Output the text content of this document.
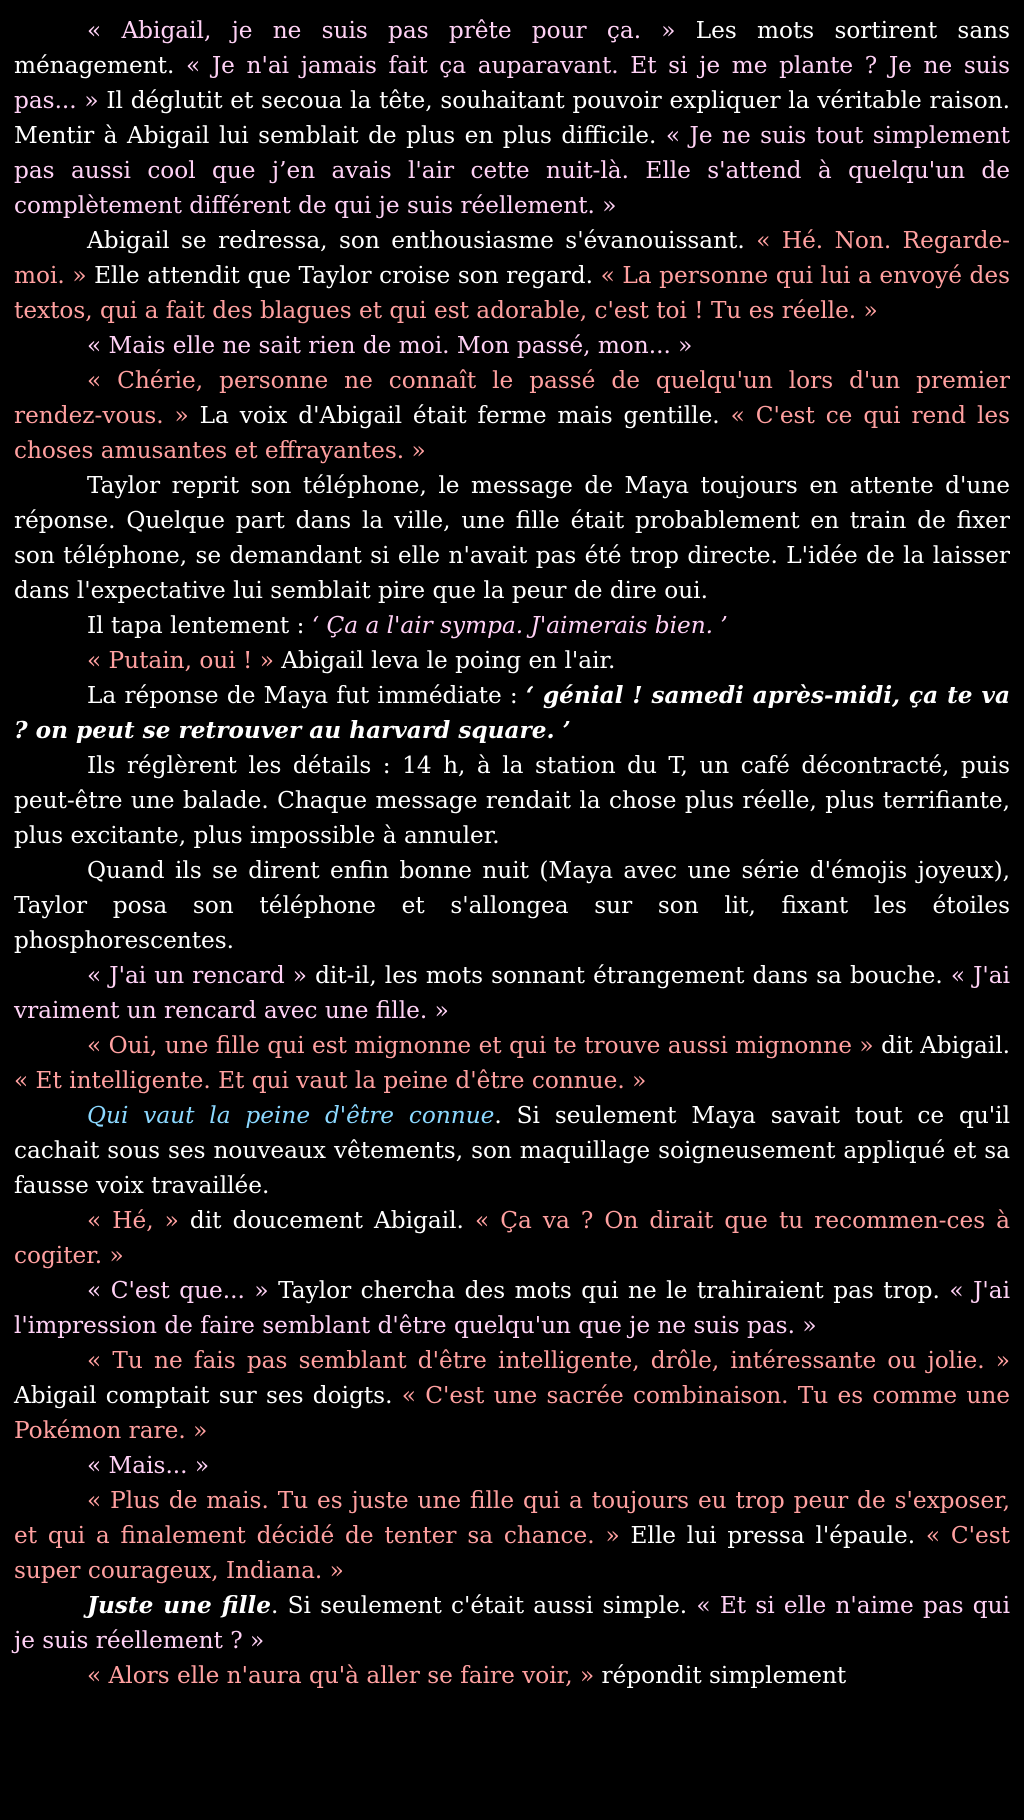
« Abigail, je ne suis pas prête pour ça. » Les mots sortirent sans ménagement. « Je n'ai jamais fait ça auparavant. Et si je me plante ? Je ne suis pas... » Il déglutit et secoua la tête, souhaitant pouvoir expliquer la véritable raison. Mentir à Abigail lui semblait de plus en plus difficile. « Je ne suis tout simplement pas aussi cool que j’en avais l'air cette nuit-là. Elle s'attend à quelqu'un de complètement différent de qui je suis réellement. »

Abigail se redressa, son enthousiasme s'évanouissant. « Hé. Non. Regarde-moi. » Elle attendit que Taylor croise son regard. « La personne qui lui a envoyé des textos, qui a fait des blagues et qui est adorable, c'est toi ! Tu es réelle. »

« Mais elle ne sait rien de moi. Mon passé, mon... »

« Chérie, personne ne connaît le passé de quelqu'un lors d'un premier rendez-vous. » La voix d'Abigail était ferme mais gentille. « C'est ce qui rend les choses amusantes et effrayantes. »

Taylor reprit son téléphone, le message de Maya toujours en attente d'une réponse. Quelque part dans la ville, une fille était probablement en train de fixer son téléphone, se demandant si elle n'avait pas été trop directe. L'idée de la laisser dans l'expectative lui semblait pire que la peur de dire oui.

Il tapa lentement : ‘ Ça a l'air sympa. J'aimerais bien. ’

« Putain, oui ! » Abigail leva le poing en l'air.

La réponse de Maya fut immédiate : ‘ génial ! samedi après-midi, ça te va ? on peut se retrouver au harvard square. ’

Ils réglèrent les détails : 14 h, à la station du T, un café décontracté, puis peut-être une balade. Chaque message rendait la chose plus réelle, plus terrifiante, plus excitante, plus impossible à annuler.

Quand ils se dirent enfin bonne nuit (Maya avec une série d'émojis joyeux), Taylor posa son téléphone et s'allongea sur son lit, fixant les étoiles phosphorescentes.

« J'ai un rencard » dit-il, les mots sonnant étrangement dans sa bouche. « J'ai vraiment un rencard avec une fille. »

« Oui, une fille qui est mignonne et qui te trouve aussi mignonne » dit Abigail. « Et intelligente. Et qui vaut la peine d'être connue. »

Qui vaut la peine d'être connue. Si seulement Maya savait tout ce qu'il cachait sous ses nouveaux vêtements, son maquillage soigneusement appliqué et sa fausse voix travaillée.

« Hé, » dit doucement Abigail. « Ça va ? On dirait que tu recommen-ces à cogiter. »

« C'est que... » Taylor chercha des mots qui ne le trahiraient pas trop. « J'ai l'impression de faire semblant d'être quelqu'un que je ne suis pas. »

« Tu ne fais pas semblant d'être intelligente, drôle, intéressante ou jolie. » Abigail comptait sur ses doigts. « C'est une sacrée combinaison. Tu es comme une Pokémon rare. »

« Mais... »

« Plus de mais. Tu es juste une fille qui a toujours eu trop peur de s'exposer, et qui a finalement décidé de tenter sa chance. » Elle lui pressa l'épaule. « C'est super courageux, Indiana. »

Juste une fille. Si seulement c'était aussi simple. « Et si elle n'aime pas qui je suis réellement ? »

« Alors elle n'aura qu'à aller se faire voir, » répondit simplement
